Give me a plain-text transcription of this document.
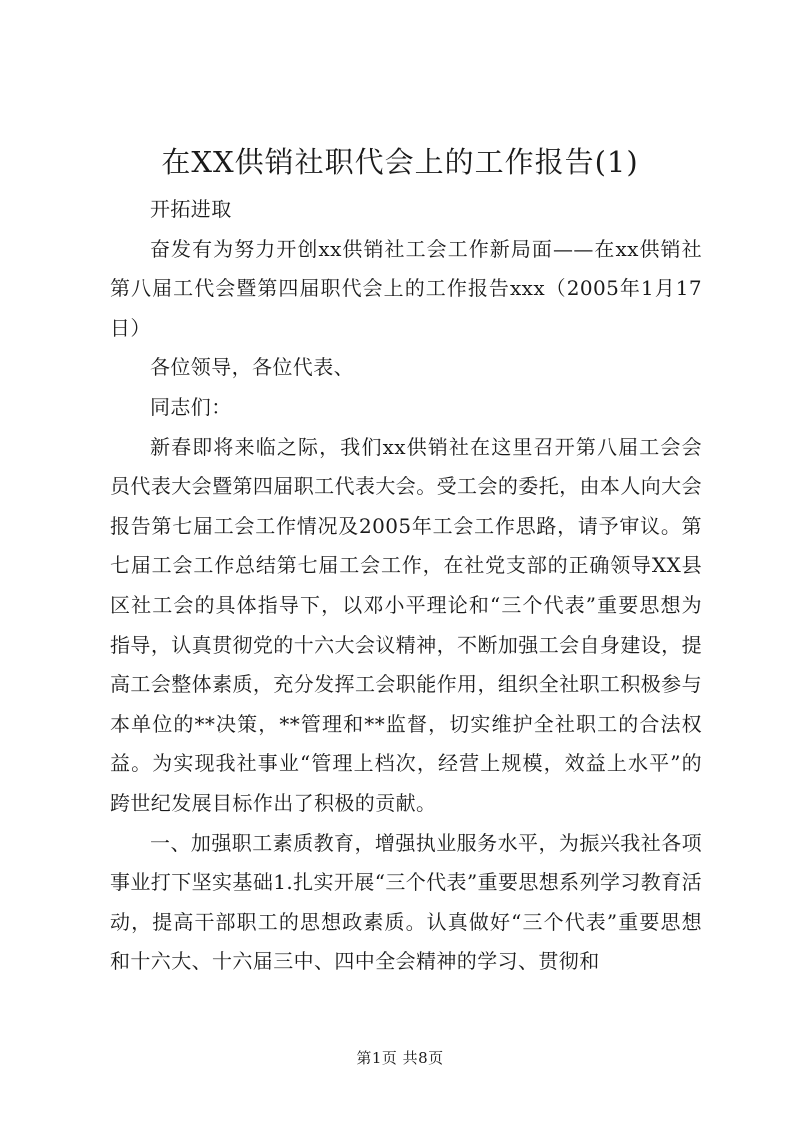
在XX供销社职代会上的工作报告(1)

开拓进取

奋发有为努力开创xx供销社工会工作新局面——在xx供销社第八届工代会暨第四届职代会上的工作报告xxx（2005年1月17日）

各位领导，各位代表、

同志们：

新春即将来临之际，我们xx供销社在这里召开第八届工会会员代表大会暨第四届职工代表大会。受工会的委托，由本人向大会报告第七届工会工作情况及2005年工会工作思路，请予审议。第七届工会工作总结第七届工会工作，在社党支部的正确领导XX县区社工会的具体指导下，以邓小平理论和“三个代表”重要思想为指导，认真贯彻党的十六大会议精神，不断加强工会自身建设，提高工会整体素质，充分发挥工会职能作用，组织全社职工积极参与本单位的**决策，**管理和**监督，切实维护全社职工的合法权益。为实现我社事业“管理上档次，经营上规模，效益上水平”的跨世纪发展目标作出了积极的贡献。

一、加强职工素质教育，增强执业服务水平，为振兴我社各项事业打下坚实基础1.扎实开展“三个代表”重要思想系列学习教育活动，提高干部职工的思想政素质。认真做好“三个代表”重要思想和十六大、十六届三中、四中全会精神的学习、贯彻和

第1页 共8页
